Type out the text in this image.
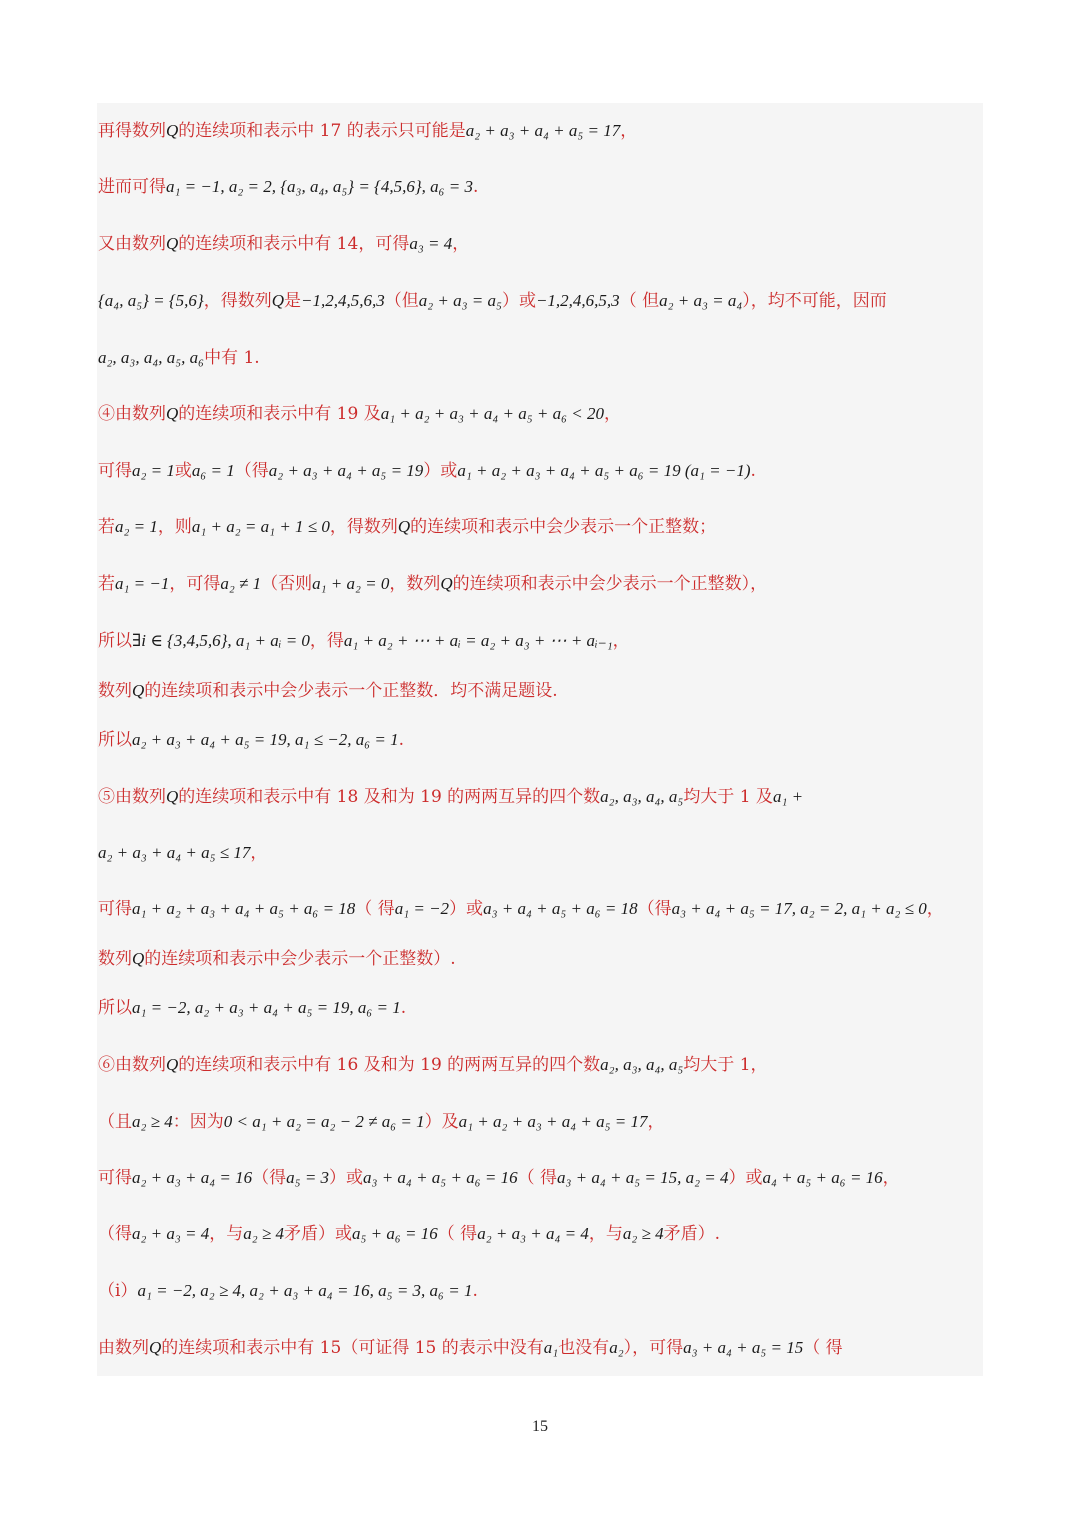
再得数列Q的连续项和表示中 17 的表示只可能是a₂ + a₃ + a₄ + a₅ = 17，
进而可得a₁ = −1, a₂ = 2, {a₃, a₄, a₅} = {4,5,6}, a₆ = 3.
又由数列Q的连续项和表示中有 14，可得a₃ = 4，
{a₄, a₅} = {5,6}，得数列Q是−1,2,4,5,6,3（但a₂ + a₃ = a₅）或−1,2,4,6,5,3（ 但a₂ + a₃ = a₄），均不可能，因而
a₂, a₃, a₄, a₅, a₆中有 1.
④由数列Q的连续项和表示中有 19 及a₁ + a₂ + a₃ + a₄ + a₅ + a₆ < 20，
可得a₂ = 1或a₆ = 1（得a₂ + a₃ + a₄ + a₅ = 19）或a₁ + a₂ + a₃ + a₄ + a₅ + a₆ = 19 (a₁ = −1).
若a₂ = 1，则a₁ + a₂ = a₁ + 1 ≤ 0，得数列Q的连续项和表示中会少表示一个正整数；
若a₁ = −1，可得a₂ ≠ 1（否则a₁ + a₂ = 0，数列Q的连续项和表示中会少表示一个正整数），
所以∃i ∈ {3,4,5,6}, a₁ + aᵢ = 0，得a₁ + a₂ + ⋯ + aᵢ = a₂ + a₃ + ⋯ + aᵢ₋₁，
数列Q的连续项和表示中会少表示一个正整数．均不满足题设.
所以a₂ + a₃ + a₄ + a₅ = 19, a₁ ≤ −2, a₆ = 1.
⑤由数列Q的连续项和表示中有 18 及和为 19 的两两互异的四个数a₂, a₃, a₄, a₅均大于 1 及a₁ +
a₂ + a₃ + a₄ + a₅ ≤ 17，
可得a₁ + a₂ + a₃ + a₄ + a₅ + a₆ = 18（ 得a₁ = −2）或a₃ + a₄ + a₅ + a₆ = 18（得a₃ + a₄ + a₅ = 17, a₂ = 2, a₁ + a₂ ≤ 0，
数列Q的连续项和表示中会少表示一个正整数）.
所以a₁ = −2, a₂ + a₃ + a₄ + a₅ = 19, a₆ = 1.
⑥由数列Q的连续项和表示中有 16 及和为 19 的两两互异的四个数a₂, a₃, a₄, a₅均大于 1，
（且a₂ ≥ 4：因为0 < a₁ + a₂ = a₂ − 2 ≠ a₆ = 1）及a₁ + a₂ + a₃ + a₄ + a₅ = 17，
可得a₂ + a₃ + a₄ = 16（得a₅ = 3）或a₃ + a₄ + a₅ + a₆ = 16（ 得a₃ + a₄ + a₅ = 15, a₂ = 4）或a₄ + a₅ + a₆ = 16，
（得a₂ + a₃ = 4，与a₂ ≥ 4矛盾）或a₅ + a₆ = 16（ 得a₂ + a₃ + a₄ = 4，与a₂ ≥ 4矛盾）.
（i）a₁ = −2, a₂ ≥ 4, a₂ + a₃ + a₄ = 16, a₅ = 3, a₆ = 1.
由数列Q的连续项和表示中有 15（可证得 15 的表示中没有a₁也没有a₂），可得a₃ + a₄ + a₅ = 15（ 得
15
